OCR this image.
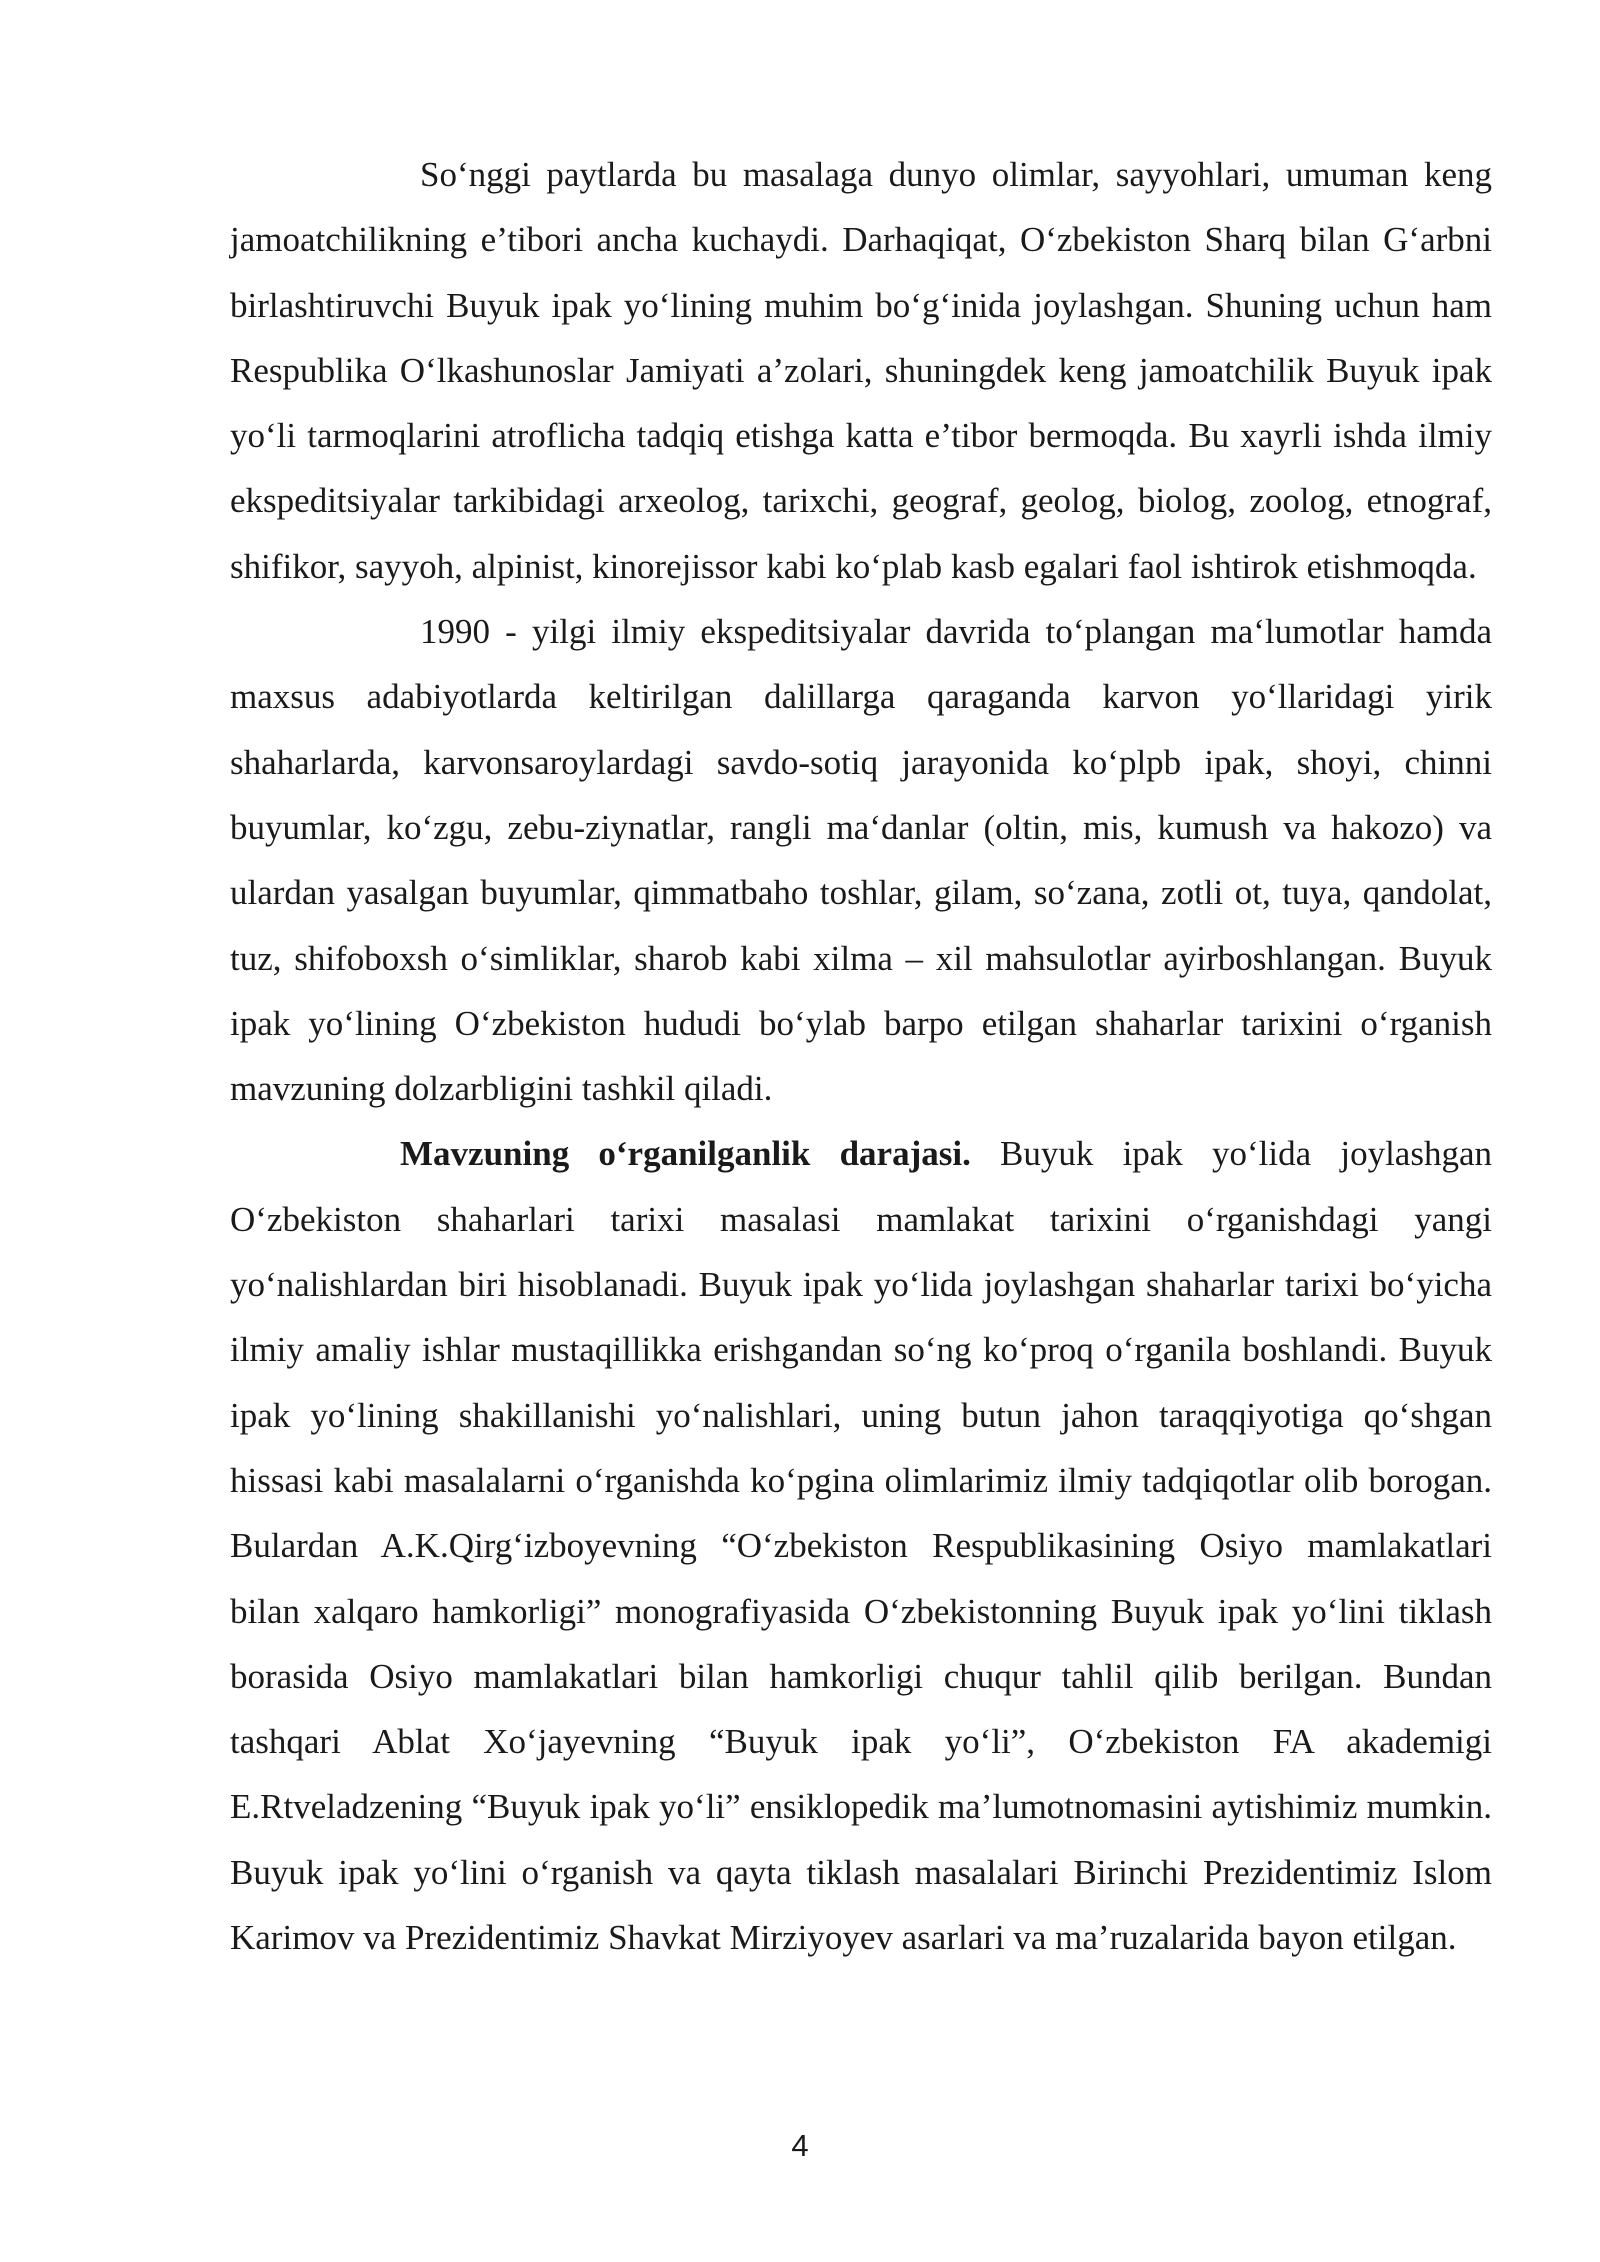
So‘nggi paytlarda bu masalaga dunyo olimlar, sayyohlari, umuman keng jamoatchilikning e’tibori ancha kuchaydi. Darhaqiqat, O‘zbekiston Sharq bilan G‘arbni birlashtiruvchi Buyuk ipak yo‘lining muhim bo‘g‘inida joylashgan. Shuning uchun ham Respublika O‘lkashunoslar Jamiyati a’zolari, shuningdek keng jamoatchilik Buyuk ipak yo‘li tarmoqlarini atroflicha tadqiq etishga katta e’tibor bermoqda. Bu xayrli ishda ilmiy ekspeditsiyalar tarkibidagi arxeolog, tarixchi, geograf, geolog, biolog, zoolog, etnograf, shifikor, sayyoh, alpinist, kinorejissor kabi ko‘plab kasb egalari faol ishtirok etishmoqda.

1990 - yilgi ilmiy ekspeditsiyalar davrida to‘plangan ma‘lumotlar hamda maxsus adabiyotlarda keltirilgan dalillarga qaraganda karvon yo‘llaridagi yirik shaharlarda, karvonsaroylardagi savdo-sotiq jarayonida ko‘plpb ipak, shoyi, chinni buyumlar, ko‘zgu, zebu-ziynatlar, rangli ma‘danlar (oltin, mis, kumush va hakozo) va ulardan yasalgan buyumlar, qimmatbaho toshlar, gilam, so‘zana, zotli ot, tuya, qandolat, tuz, shifoboxsh o‘simliklar, sharob kabi xilma – xil mahsulotlar ayirboshlangan. Buyuk ipak yo‘lining O‘zbekiston hududi bo‘ylab barpo etilgan shaharlar tarixini o‘rganish mavzuning dolzarbligini tashkil qiladi.

Mavzuning o‘rganilganlik darajasi. Buyuk ipak yo‘lida joylashgan O‘zbekiston shaharlari tarixi masalasi mamlakat tarixini o‘rganishdagi yangi yo‘nalishlardan biri hisoblanadi. Buyuk ipak yo‘lida joylashgan shaharlar tarixi bo‘yicha ilmiy amaliy ishlar mustaqillikka erishgandan so‘ng ko‘proq o‘rganila boshlandi. Buyuk ipak yo‘lining shakillanishi yo‘nalishlari, uning butun jahon taraqqiyotiga qo‘shgan hissasi kabi masalalarni o‘rganishda ko‘pgina olimlarimiz ilmiy tadqiqotlar olib borogan. Bulardan A.K.Qirg‘izboyevning “O‘zbekiston Respublikasining Osiyo mamlakatlari bilan xalqaro hamkorligi” monografiyasida O‘zbekistonning Buyuk ipak yo‘lini tiklash borasida Osiyo mamlakatlari bilan hamkorligi chuqur tahlil qilib berilgan. Bundan tashqari Ablat Xo‘jayevning “Buyuk ipak yo‘li”, O‘zbekiston FA akademigi E.Rtveladzening “Buyuk ipak yo‘li” ensiklopedik ma’lumotnomasini aytishimiz mumkin. Buyuk ipak yo‘lini o‘rganish va qayta tiklash masalalari Birinchi Prezidentimiz Islom Karimov va Prezidentimiz Shavkat Mirziyoyev asarlari va ma’ruzalarida bayon etilgan.

4
